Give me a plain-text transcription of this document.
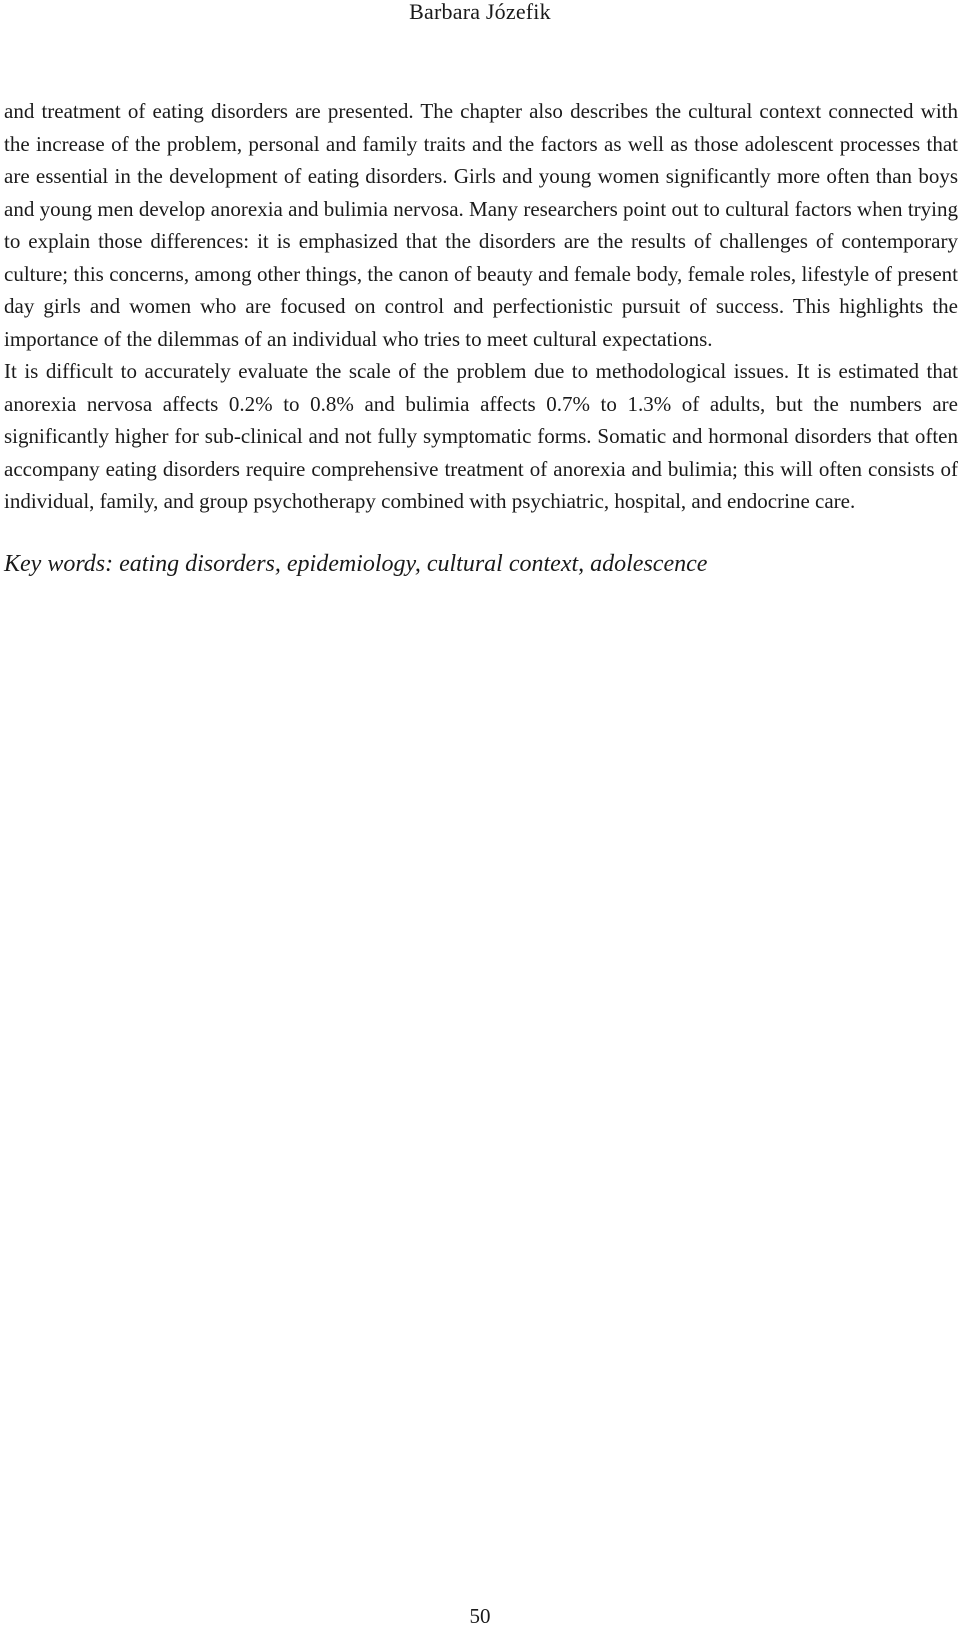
Barbara Józefik

and treatment of eating disorders are presented. The chapter also describes the cultural context connected with the increase of the problem, personal and family traits and the factors as well as those adolescent processes that are essential in the development of eating disorders. Girls and young women significantly more often than boys and young men develop anorexia and bulimia nervosa. Many researchers point out to cultural factors when trying to explain those differences: it is emphasized that the disorders are the results of challenges of contemporary culture; this concerns, among other things, the canon of beauty and female body, female roles, lifestyle of present day girls and women who are focused on control and perfectionistic pursuit of success. This highlights the importance of the dilemmas of an individual who tries to meet cultural expectations.

It is difficult to accurately evaluate the scale of the problem due to methodological issues. It is estimated that anorexia nervosa affects 0.2% to 0.8% and bulimia affects 0.7% to 1.3% of adults, but the numbers are significantly higher for sub-clinical and not fully symptomatic forms. Somatic and hormonal disorders that often accompany eating disorders require comprehensive treatment of anorexia and bulimia; this will often consists of individual, family, and group psychotherapy combined with psychiatric, hospital, and endocrine care.

Key words: eating disorders, epidemiology, cultural context, adolescence

50
